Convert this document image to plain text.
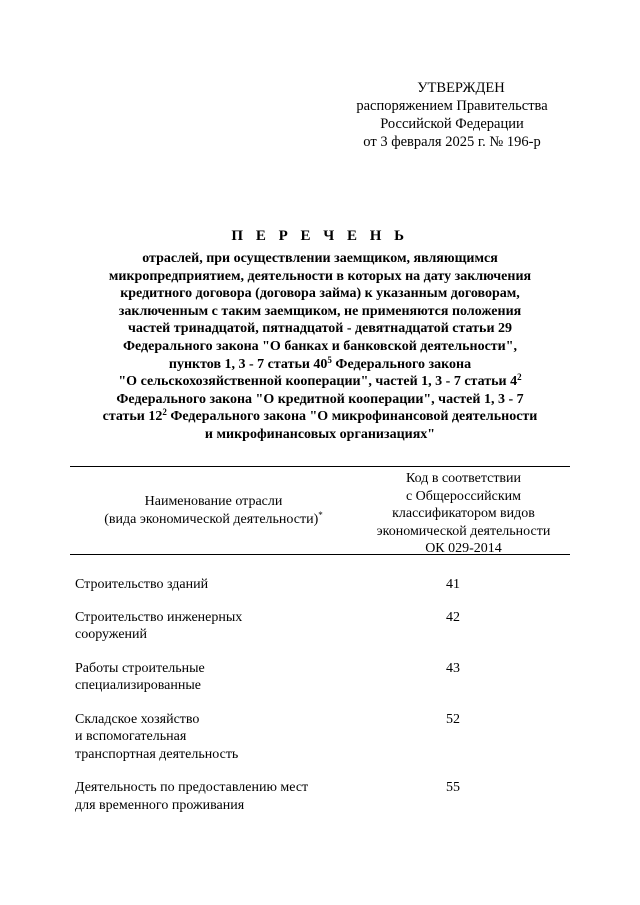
УТВЕРЖДЕН
распоряжением Правительства
Российской Федерации
от 3 февраля 2025 г. № 196-р
П Е Р Е Ч Е Н Ь
отраслей, при осуществлении заемщиком, являющимся
микропредприятием, деятельности в которых на дату заключения
кредитного договора (договора займа) к указанным договорам,
заключенным с таким заемщиком, не применяются положения
частей тринадцатой, пятнадцатой - девятнадцатой статьи 29
Федерального закона "О банках и банковской деятельности",
пунктов 1, 3 - 7 статьи $40^5$ Федерального закона
"О сельскохозяйственной кооперации", частей 1, 3 - 7 статьи $4^2$
Федерального закона "О кредитной кооперации", частей 1, 3 - 7
статьи $12^2$ Федерального закона "О микрофинансовой деятельности
и микрофинансовых организациях"
Наименование отрасли
(вида экономической деятельности)*
Код в соответствии
с Общероссийским
классификатором видов
экономической деятельности
ОК 029-2014
Строительство зданий	41
Строительство инженерных
сооружений
42
Работы строительные
специализированные
43
Складское хозяйство
и вспомогательная
транспортная деятельность
52
Деятельность по предоставлению мест
для временного проживания
55
